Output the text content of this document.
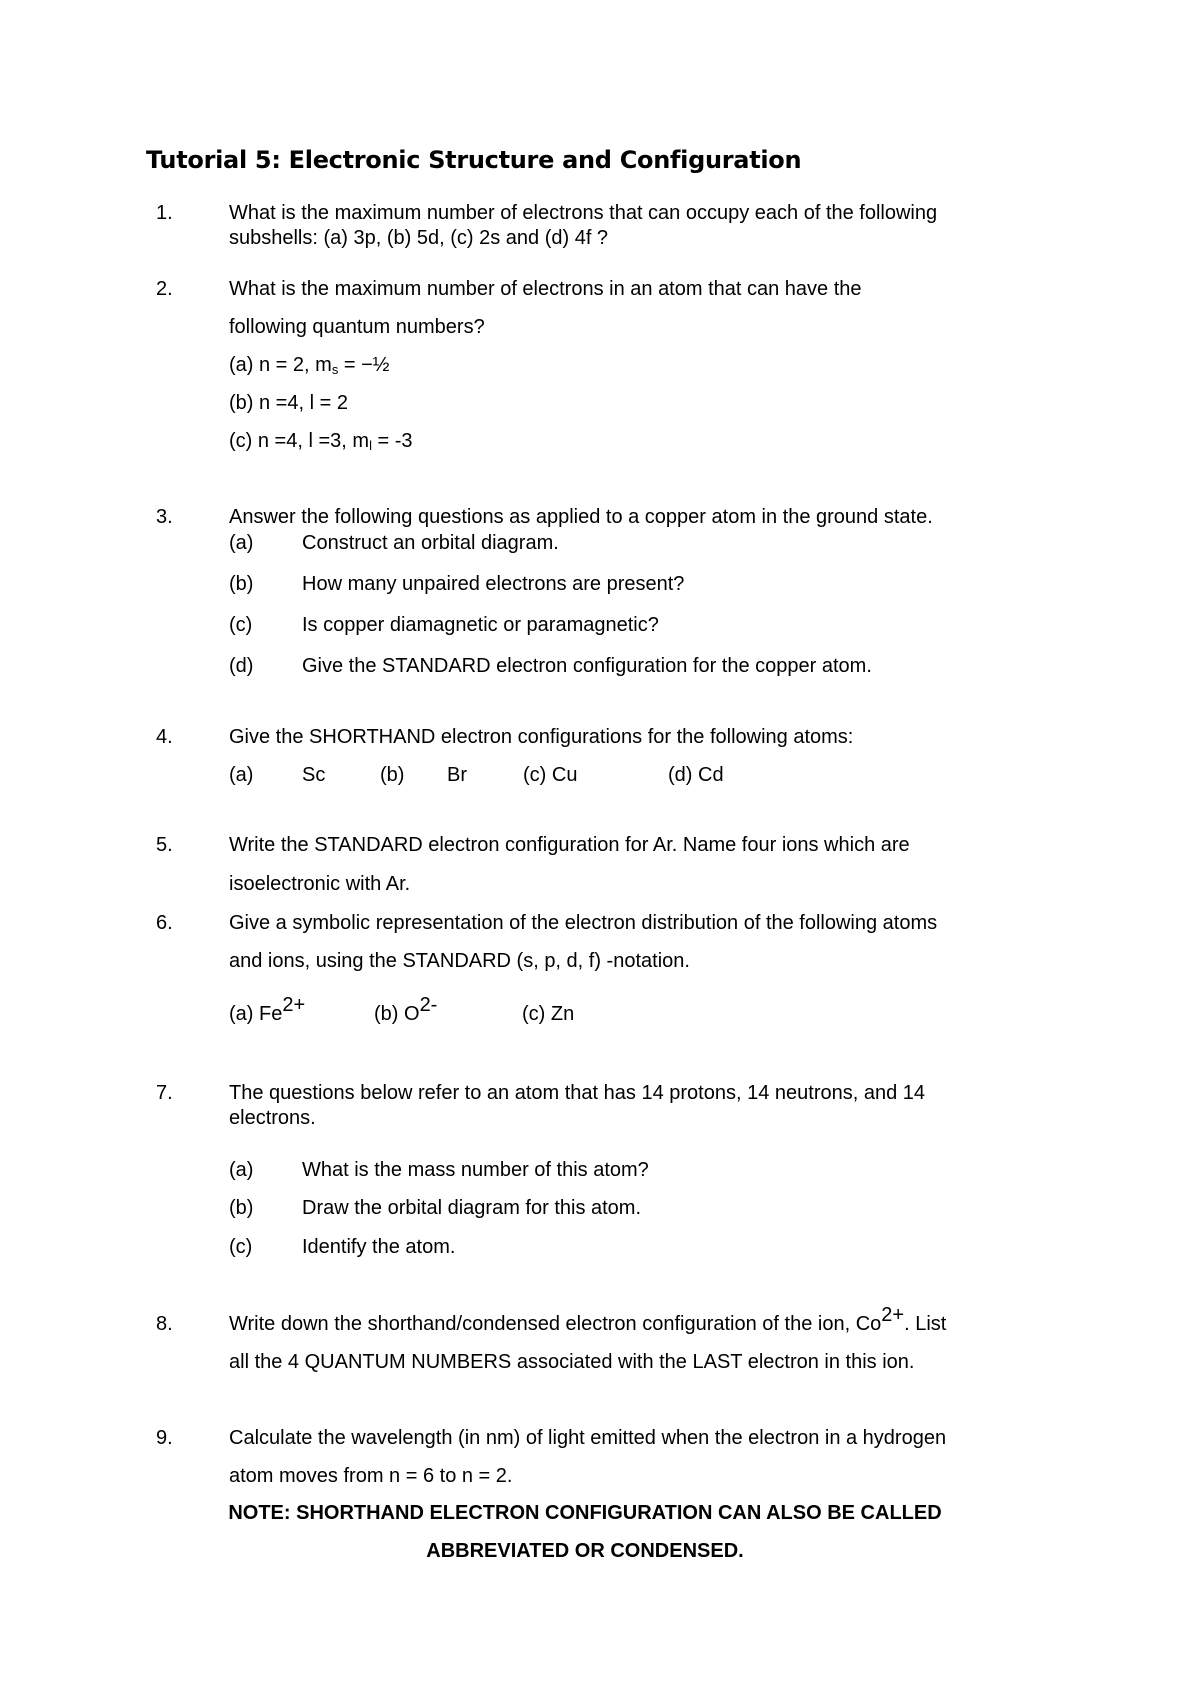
Tutorial 5: Electronic Structure and Configuration
1.	What is the maximum number of electrons that can occupy each of the following
subshells: (a) 3p, (b) 5d, (c) 2s and (d) 4f ?
2.	What is the maximum number of electrons in an atom that can have the
following quantum numbers?
(a) n = 2, ms = −½
(b) n =4, l = 2
(c) n =4, l =3, ml = -3
3.	Answer the following questions as applied to a copper atom in the ground state.
(a) Construct an orbital diagram.
(b) How many unpaired electrons are present?
(c) Is copper diamagnetic or paramagnetic?
(d) Give the STANDARD electron configuration for the copper atom.
4.	Give the SHORTHAND electron configurations for the following atoms:
(a) Sc	(b) Br	(c) Cu	(d) Cd
5.	Write the STANDARD electron configuration for Ar. Name four ions which are
isoelectronic with Ar.
6.	Give a symbolic representation of the electron distribution of the following atoms
and ions, using the STANDARD (s, p, d, f) -notation.
(a) $Fe^{2+}$	(b) $O^{2-}$	(c) Zn
7.	The questions below refer to an atom that has 14 protons, 14 neutrons, and 14
electrons.
(a) What is the mass number of this atom?
(b) Draw the orbital diagram for this atom.
(c) Identify the atom.
8.	Write down the shorthand/condensed electron configuration of the ion, $Co^{2+}$. List
all the 4 QUANTUM NUMBERS associated with the LAST electron in this ion.
9.	Calculate the wavelength (in nm) of light emitted when the electron in a hydrogen
atom moves from n = 6 to n = 2.
NOTE: SHORTHAND ELECTRON CONFIGURATION CAN ALSO BE CALLED
ABBREVIATED OR CONDENSED.
